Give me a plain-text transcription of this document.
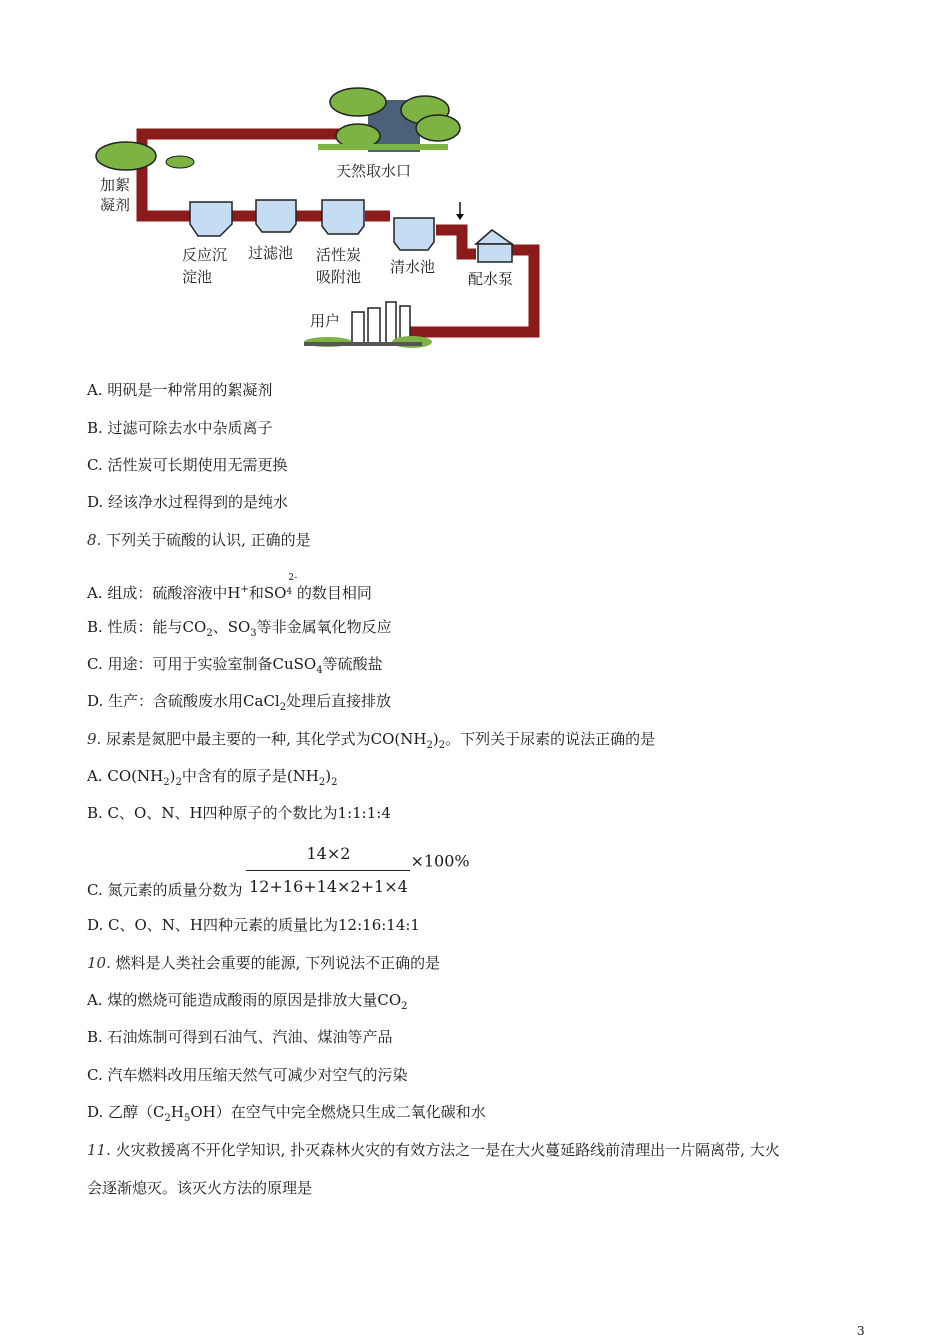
天然取水口
加絮
凝剂
反应沉
淀池
过滤池 活性炭
吸附池
清水池
配水泵
用户
A. 明矾是一种常用的絮凝剂
B. 过滤可除去水中杂质离子
C. 活性炭可长期使用无需更换
D. 经该净水过程得到的是纯水
8. 下列关于硫酸的认识, 正确的是
A. 组成：硫酸溶液中H+和SO
2-
$^4$ 的数目相同
B. 性质：能与$CO_2$、$SO_3$等非金属氧化物反应
C. 用途：可用于实验室制备CuSO$_4$等硫酸盐
D. 生产：含硫酸废水用CaCl$_2$处理后直接排放
9. 尿素是氮肥中最主要的一种, 其化学式为$CO(NH_2)_2$。下列关于尿素的说法正确的是
A. $CO(NH_2)_2$中含有的原子是$(NH_2)_2$
B. C、O、N、H四种原子的个数比为1:1:1:4
C. 氮元素的质量分数为 $\frac{14\times 2}{12+16+14\times 2+1\times 4} \times 100\%$
D. C、O、N、H四种元素的质量比为12:16:14:1
10. 燃料是人类社会重要的能源, 下列说法不正确的是
A. 煤的燃烧可能造成酸雨的原因是排放大量$CO_2$
B. 石油炼制可得到石油气、汽油、煤油等产品
C. 汽车燃料改用压缩天然气可减少对空气的污染
D. 乙醇$(C_2H_5OH)$在空气中完全燃烧只生成二氧化碳和水
11. 火灾救援离不开化学知识, 扑灭森林火灾的有效方法之一是在大火蔓延路线前清理出一片隔离带, 大火
会逐渐熄灭。该灭火方法的原理是
3
